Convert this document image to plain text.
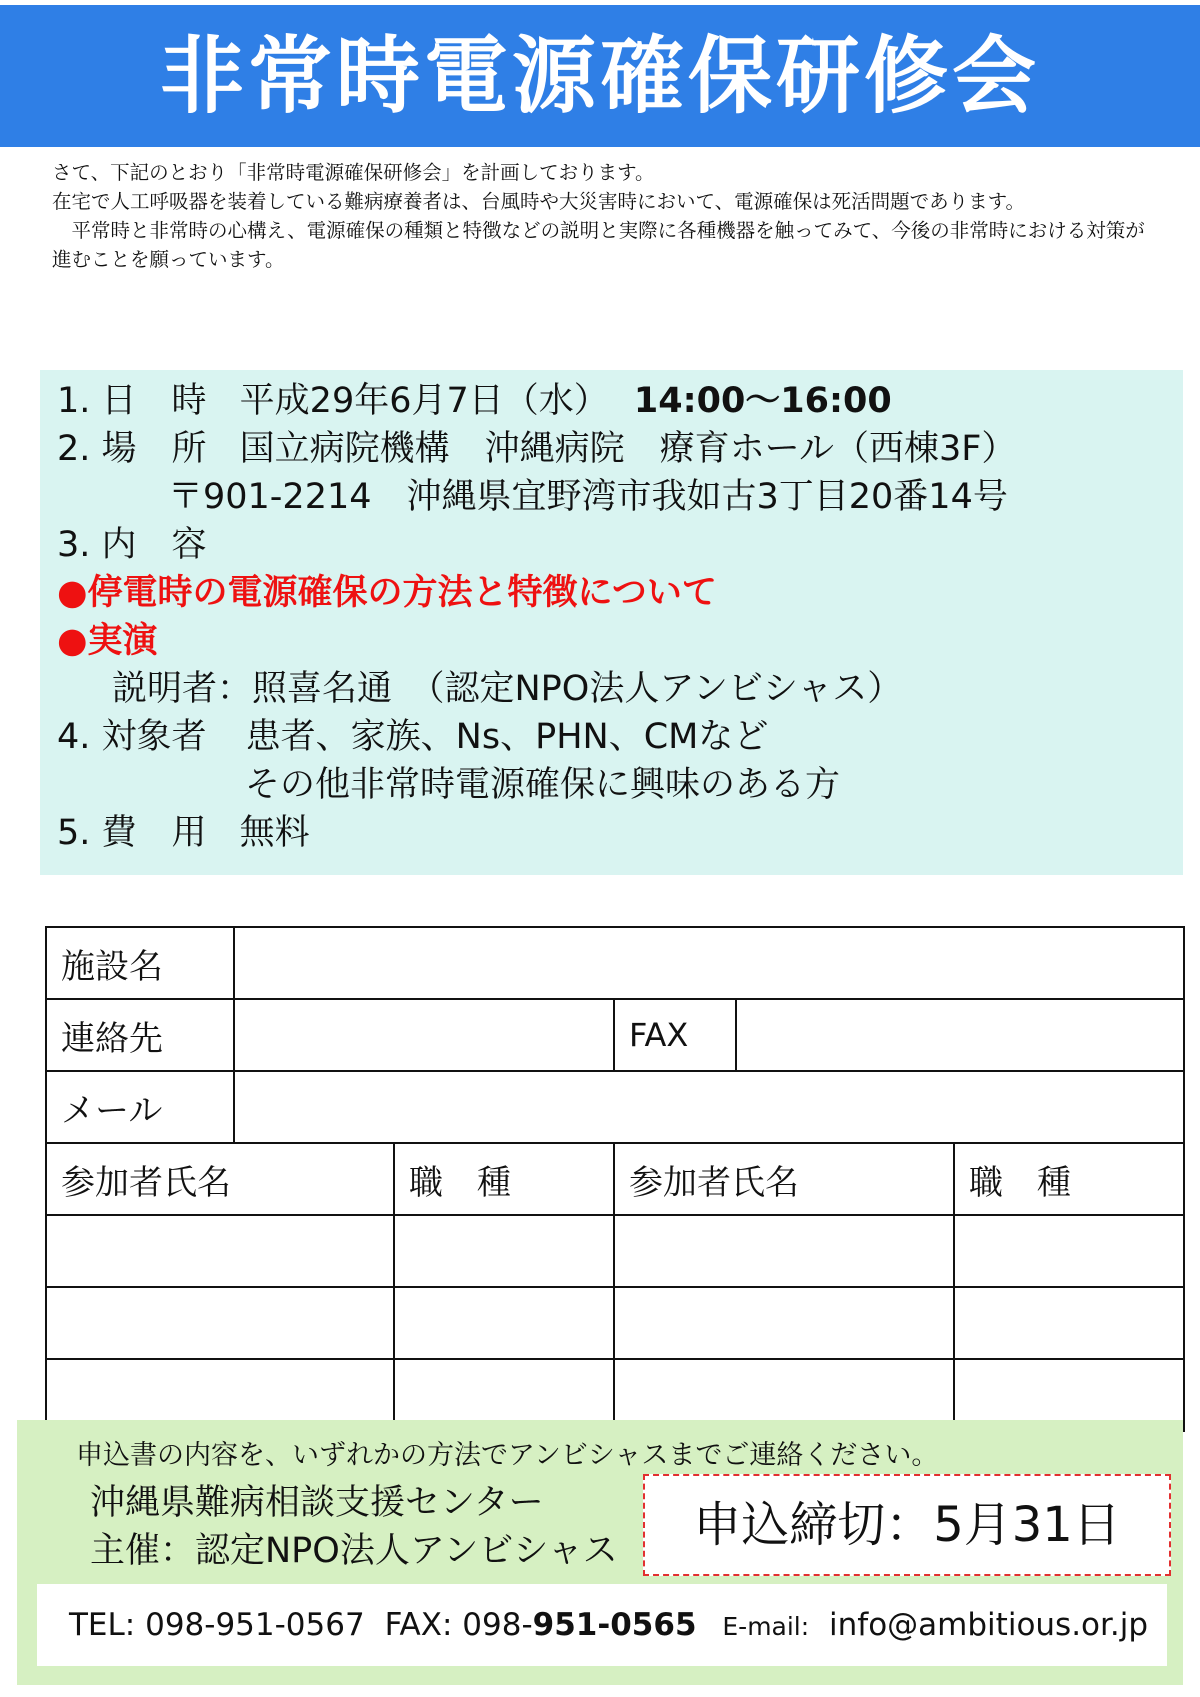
非常時電源確保研修会

さて、下記のとおり「非常時電源確保研修会」を計画しております。

在宅で人工呼吸器を装着している難病療養者は、台風時や大災害時において、電源確保は死活問題であります。

　平常時と非常時の心構え、電源確保の種類と特徴などの説明と実際に各種機器を触ってみて、今後の非常時における対策が進むことを願っています。

1. 日　時 平成29年6月7日（水） 14:00〜16:00
2. 場　所 国立病院機構　沖縄病院　療育ホール（西棟3F）
〒901-2214　沖縄県宜野湾市我如古3丁目20番14号
3. 内　容
●停電時の電源確保の方法と特徴について
●実演
説明者：照喜名通　（認定NPO法人アンビシャス）
4. 対象者 患者、家族、Ns、PHN、CMなど
その他非常時電源確保に興味のある方
5. 費　用 無料
施設名					
連絡先			FAX		
メール					
参加者氏名		職　種	参加者氏名		職　種

申込書の内容を、いずれかの方法でアンビシャスまでご連絡ください。
沖縄県難病相談支援センター
主催：認定NPO法人アンビシャス	申込締切：5月31日
TEL: 098-951-0567 FAX: 098-951-0565 E-mail: info@ambitious.or.jp
